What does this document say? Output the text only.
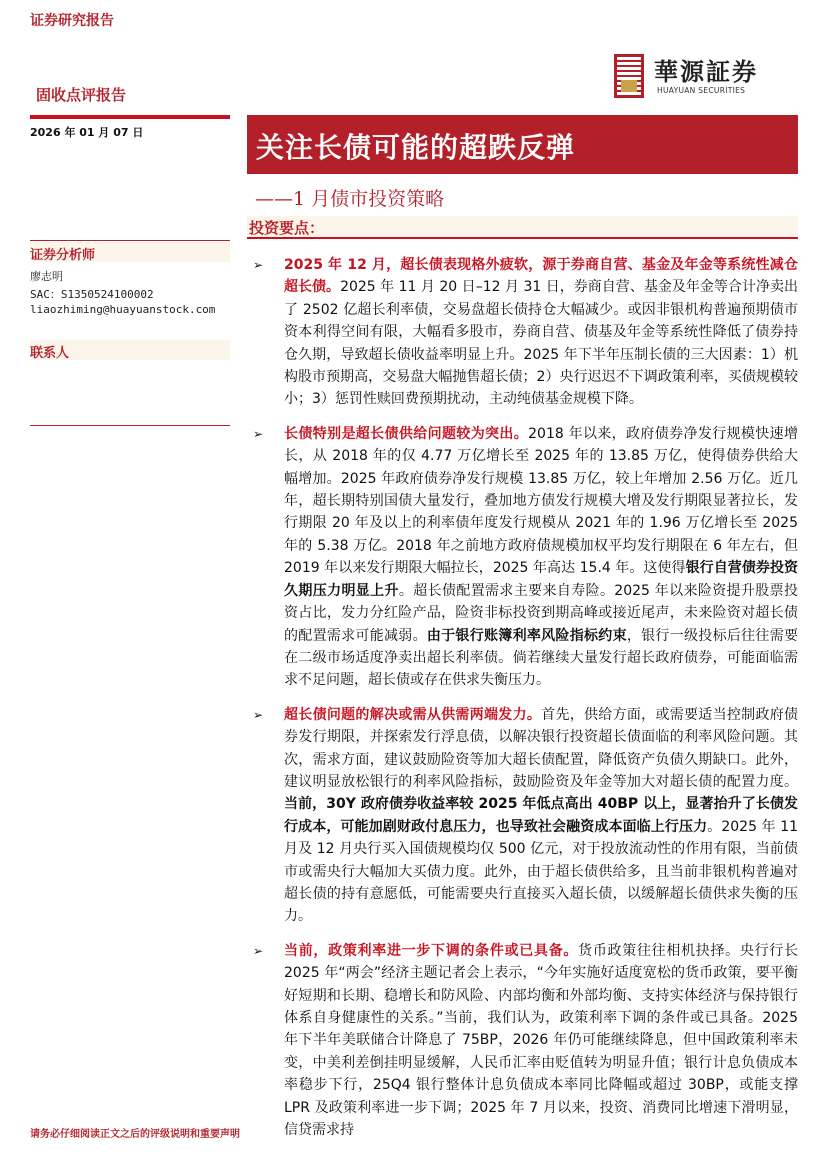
证券研究报告
固收点评报告
華源証券
HUAYUAN SECURITIES
2026 年 01 月 07 日	关注长债可能的超跌反弹
——1 月债市投资策略
投资要点：
证券分析师
廖志明
SAC：S1350524100002
liaozhiming@huayuanstock.com
联系人
➢ 2025 年 12 月，超长债表现格外疲软，源于券商自营、基金及年金等系统性减仓超长债。2025 年 11 月 20 日–12 月 31 日，券商自营、基金及年金等合计净卖出了 2502 亿超长利率债，交易盘超长债持仓大幅减少。或因非银机构普遍预期债市资本利得空间有限，大幅看多股市，券商自营、债基及年金等系统性降低了债券持仓久期，导致超长债收益率明显上升。2025 年下半年压制长债的三大因素：1）机构股市预期高，交易盘大幅抛售超长债；2）央行迟迟不下调政策利率，买债规模较小；3）惩罚性赎回费预期扰动，主动纯债基金规模下降。
➢ 长债特别是超长债供给问题较为突出。2018 年以来，政府债券净发行规模快速增长，从 2018 年的仅 4.77 万亿增长至 2025 年的 13.85 万亿，使得债券供给大幅增加。2025 年政府债券净发行规模 13.85 万亿，较上年增加 2.56 万亿。近几年，超长期特别国债大量发行，叠加地方债发行规模大增及发行期限显著拉长，发行期限 20 年及以上的利率债年度发行规模从 2021 年的 1.96 万亿增长至 2025 年的 5.38 万亿。2018 年之前地方政府债规模加权平均发行期限在 6 年左右，但 2019 年以来发行期限大幅拉长，2025 年高达 15.4 年。这使得银行自营债券投资久期压力明显上升。超长债配置需求主要来自寿险。2025 年以来险资提升股票投资占比，发力分红险产品，险资非标投资到期高峰或接近尾声，未来险资对超长债的配置需求可能减弱。由于银行账簿利率风险指标约束，银行一级投标后往往需要在二级市场适度净卖出超长利率债。倘若继续大量发行超长政府债券，可能面临需求不足问题，超长债或存在供求失衡压力。
➢ 超长债问题的解决或需从供需两端发力。首先，供给方面，或需要适当控制政府债券发行期限，并探索发行浮息债，以解决银行投资超长债面临的利率风险问题。其次，需求方面，建议鼓励险资等加大超长债配置，降低资产负债久期缺口。此外，建议明显放松银行的利率风险指标，鼓励险资及年金等加大对超长债的配置力度。当前，30Y 政府债券收益率较 2025 年低点高出 40BP 以上，显著抬升了长债发行成本，可能加剧财政付息压力，也导致社会融资成本面临上行压力。2025 年 11 月及 12 月央行买入国债规模均仅 500 亿元，对于投放流动性的作用有限，当前债市或需央行大幅加大买债力度。此外，由于超长债供给多，且当前非银机构普遍对超长债的持有意愿低，可能需要央行直接买入超长债，以缓解超长债供求失衡的压力。
➢ 当前，政策利率进一步下调的条件或已具备。货币政策往往相机抉择。央行行长 2025 年“两会”经济主题记者会上表示，“今年实施好适度宽松的货币政策，要平衡好短期和长期、稳增长和防风险、内部均衡和外部均衡、支持实体经济与保持银行体系自身健康性的关系。”当前，我们认为，政策利率下调的条件或已具备。2025 年下半年美联储合计降息了 75BP，2026 年仍可能继续降息，但中国政策利率未变，中美利差倒挂明显缓解，人民币汇率由贬值转为明显升值；银行计息负债成本率稳步下行，25Q4 银行整体计息负债成本率同比降幅或超过 30BP，或能支撑 LPR 及政策利率进一步下调；2025 年 7 月以来，投资、消费同比增速下滑明显，信贷需求持
请务必仔细阅读正文之后的评级说明和重要声明
